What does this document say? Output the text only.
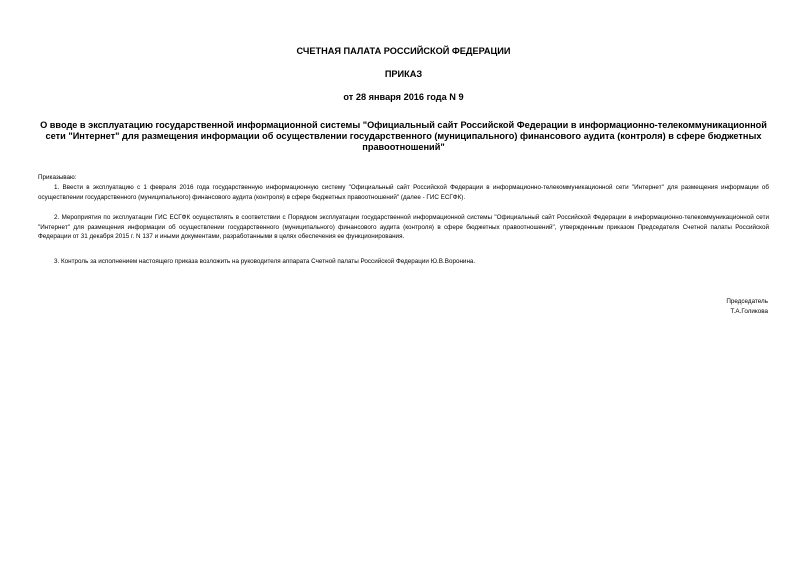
СЧЕТНАЯ ПАЛАТА РОССИЙСКОЙ ФЕДЕРАЦИИ
ПРИКАЗ
от 28 января 2016 года N 9
О вводе в эксплуатацию государственной информационной системы "Официальный сайт Российской Федерации в информационно-телекоммуникационной сети "Интернет" для размещения информации об осуществлении государственного (муниципального) финансового аудита (контроля) в сфере бюджетных правоотношений"
Приказываю:
1. Ввести в эксплуатацию с 1 февраля 2016 года государственную информационную систему "Официальный сайт Российской Федерации в информационно-телекоммуникационной сети "Интернет" для размещения информации об осуществлении государственного (муниципального) финансового аудита (контроля) в сфере бюджетных правоотношений" (далее - ГИС ЕСГФК).
2. Мероприятия по эксплуатации ГИС ЕСГФК осуществлять в соответствии с Порядком эксплуатации государственной информационной системы "Официальный сайт Российской Федерации в информационно-телекоммуникационной сети "Интернет" для размещения информации об осуществлении государственного (муниципального) финансового аудита (контроля) в сфере бюджетных правоотношений", утвержденным приказом Председателя Счетной палаты Российской Федерации от 31 декабря 2015 г. N 137 и иными документами, разработанными в целях обеспечения ее функционирования.
3. Контроль за исполнением настоящего приказа возложить на руководителя аппарата Счетной палаты Российской Федерации Ю.В.Воронина.
Председатель
Т.А.Голикова
